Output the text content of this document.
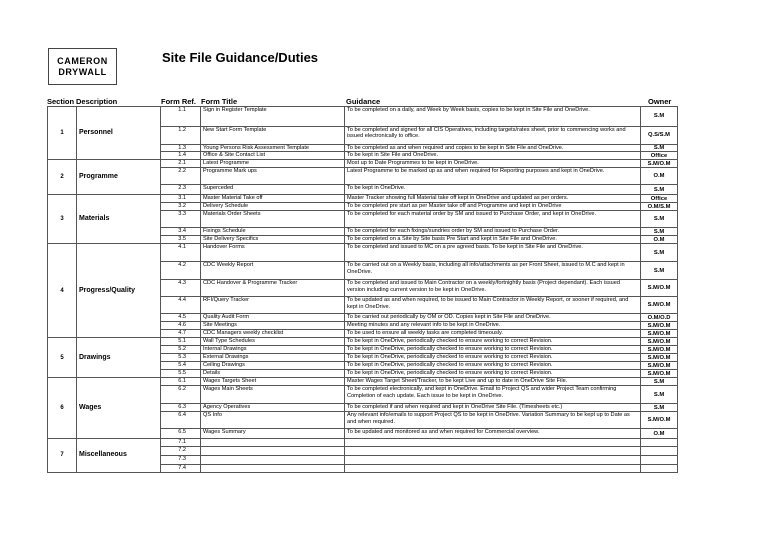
CAMERON
DRYWALL
Site File Guidance/Duties
Section Description	Form Ref. Form Title	Guidance	Owner
1	Personnel	1.1	Sign in Register Template	To be completed on a daily, and Week by Week basis, copies to be kept in Site File and OneDrive.	S.M
		1.2	New Start Form Template	To be completed and signed for all CIS Operatives, including targets/rates sheet, prior to commencing works and issued electronically to office.	Q.S/S.M
		1.3	Young Persons Risk Assessment Template	To be completed as and when required and copies to be kept in Site File and OneDrive.	S.M
		1.4	Office & Site Contact List	To be kept in Site File and OneDrive.	Office
2	Programme	2.1	Latest Programme	Most up to Date Programmes to be kept in OneDrive.	S.M/O.M
		2.2	Programme Mark ups	Latest Programme to be marked up as and when required for Reporting purposes and kept in OneDrive.	O.M
		2.3	Superceded	To be kept in OneDrive.	S.M
3	Materials	3.1	Master Material Take off	Master Tracker showing full Material take off kept in OneDrive and updated as per orders.	Office
		3.2	Delivery Schedule	To be completed pre start as per Master take off and Programme and kept in OneDrive	O.M/S.M
		3.3	Materials Order Sheets	To be completed for each material order by SM and issued to Purchase Order, and kept in OneDrive.	S.M
		3.4	Fixings Schedule	To be completed for each fixings/sundries order by SM and issued to Purchase Order.	S.M
		3.5	Site Delivery Specifics	To be completed on a Site by Site basis Pre Start and kept in Site File and OneDrive.	O.M
4	Progress/Quality	4.1	Handover Forms	To be completed and issued to MC on a pre agreed basis. To be kept in Site File and OneDrive.	S.M
		4.2	CDC Weekly Report	To be carried out on a Weekly basis, including all info/attachments as per Front Sheet, issued to M.C and kept in OneDrive.	S.M
		4.3	CDC Handover & Programme Tracker	To be completed and issued to Main Contractor on a weekly/fortnightly basis (Project dependant). Each issued version including current version to be kept in OneDrive.	S.M/O.M
		4.4	RFI/Query Tracker	To be updated as and when required, to be issued to Main Contractor in Weekly Report, or sooner if required, and kept in OneDrive.	S.M/O.M
		4.5	Quality Audit Form	To be carried out periodically by OM or OD. Copies kept in Site File and OneDrive.	O.M/O.D
		4.6	Site Meetings	Meeting minutes and any relevant info to be kept in OneDrive.	S.M/O.M
		4.7	CDC Managers weekly checklist	To be used to ensure all weekly tasks are completed timeously.	S.M/O.M
5	Drawings	5.1	Wall Type Schedules	To be kept in OneDrive, periodically checked to ensure working to correct Revision.	S.M/O.M
		5.2	Internal Drawings	To be kept in OneDrive, periodically checked to ensure working to correct Revision.	S.M/O.M
		5.3	External Drawings	To be kept in OneDrive, periodically checked to ensure working to correct Revision.	S.M/O.M
		5.4	Ceiling Drawings	To be kept in OneDrive, periodically checked to ensure working to correct Revision.	S.M/O.M
		5.5	Details	To be kept in OneDrive, periodically checked to ensure working to correct Revision.	S.M/O.M
6	Wages	6.1	Wages Targets Sheet	Master Wages Target Sheet/Tracker, to be kept Live and up to date in OneDrive Site File.	S.M
		6.2	Wages Main Sheets	To be completed electronically, and kept in OneDrive. Email to Project QS and wider Project Team confirming Completion of each update. Each issue to be kept in OneDrive.	S.M
		6.3	Agency Operatives	To be completed if and when required and kept in OneDrive Site File. (Timesheets etc.)	S.M
		6.4	QS Info	Any relevant info/emails to support Project QS to be kept in OneDrive. Variation Summary to be kept up to Date as and when required.	S.M/O.M
		6.5	Wages Summary	To be updated and monitored as and when required for Commercial overview.	O.M
7	Miscellaneous	7.1			
		7.2			
		7.3			
		7.4			
